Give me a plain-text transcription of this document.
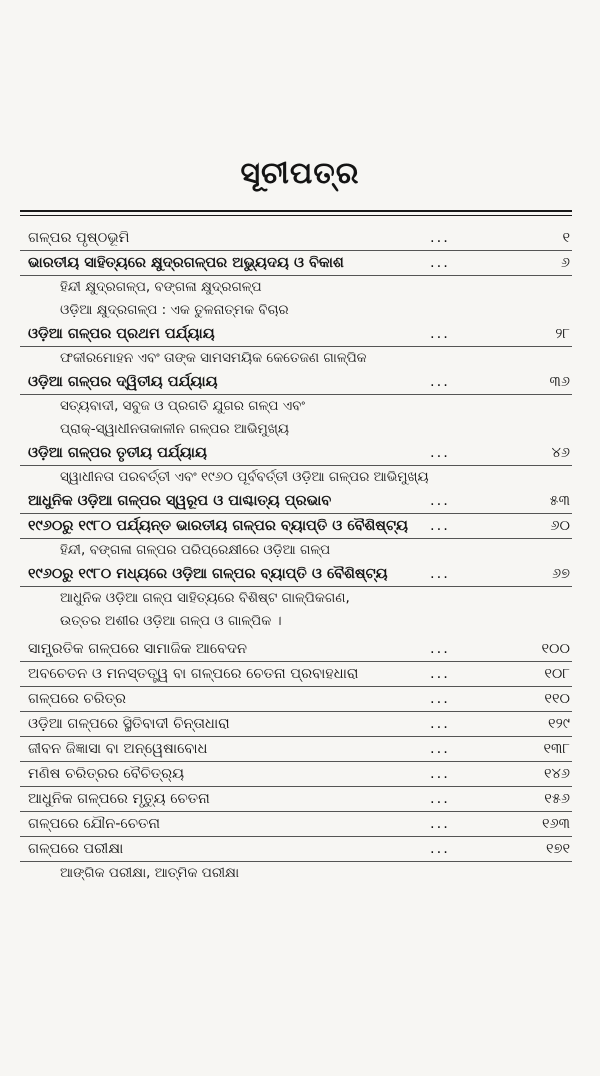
ସୂଚୀପତ୍ର
ଗଳ୍ପର ପୃଷ୍ଠଭୂମି	...	୧
ଭାରତୀୟ ସାହିତ୍ୟରେ କ୍ଷୁଦ୍ରଗଳ୍ପର ଅଭ୍ୟୁଦୟ ଓ ବିକାଶ	...	୬
ହିନ୍ଦୀ କ୍ଷୁଦ୍ରଗଳ୍ପ, ବଙ୍ଗଳା କ୍ଷୁଦ୍ରଗଳ୍ପ
ଓଡ଼ିଆ କ୍ଷୁଦ୍ରଗଳ୍ପ : ଏକ ତୁଳନାତ୍ମକ ବିଚାର
ଓଡ଼ିଆ ଗଳ୍ପର ପ୍ରଥମ ପର୍ଯ୍ୟାୟ	...	୨୮
ଫକୀରମୋହନ ଏବଂ ତାଙ୍କ ସାମସମୟିକ କେତେଜଣ ଗାଳ୍ପିକ
ଓଡ଼ିଆ ଗଳ୍ପର ଦ୍ୱିତୀୟ ପର୍ଯ୍ୟାୟ	...	୩୬
ସତ୍ୟବାଦୀ, ସବୁଜ ଓ ପ୍ରଗତି ଯୁଗର ଗଳ୍ପ ଏବଂ
ପ୍ରାକ୍-ସ୍ୱାଧୀନତାକାଳୀନ ଗଳ୍ପର ଆଭିମୁଖ୍ୟ
ଓଡ଼ିଆ ଗଳ୍ପର ତୃତୀୟ ପର୍ଯ୍ୟାୟ	...	୪୬
ସ୍ୱାଧୀନତା ପରବର୍ତ୍ତୀ ଏବଂ ୧୯୬୦ ପୂର୍ବବର୍ତ୍ତୀ ଓଡ଼ିଆ ଗଳ୍ପର ଆଭିମୁଖ୍ୟ
ଆଧୁନିକ ଓଡ଼ିଆ ଗଳ୍ପର ସ୍ୱରୂପ ଓ ପାଶ୍ଚାତ୍ୟ ପ୍ରଭାବ	...	୫୩
୧୯୬୦ରୁ ୧୯୮୦ ପର୍ଯ୍ୟନ୍ତ ଭାରତୀୟ ଗଳ୍ପର ବ୍ୟାପ୍ତି ଓ ବୈଶିଷ୍ଟ୍ୟ ...	୬୦
ହିନ୍ଦୀ, ବଙ୍ଗଳା ଗଳ୍ପର ପରିପ୍ରେକ୍ଷୀରେ ଓଡ଼ିଆ ଗଳ୍ପ
୧୯୬୦ରୁ ୧୯୮୦ ମଧ୍ୟରେ ଓଡ଼ିଆ ଗଳ୍ପର ବ୍ୟାପ୍ତି ଓ ବୈଶିଷ୍ଟ୍ୟ	...	୬୭
ଆଧୁନିକ ଓଡ଼ିଆ ଗଳ୍ପ ସାହିତ୍ୟରେ ବିଶିଷ୍ଟ ଗାଳ୍ପିକଗଣ,
ଉତ୍ତର ଅଶୀର ଓଡ଼ିଆ ଗଳ୍ପ ଓ ଗାଳ୍ପିକ ।
ସାମ୍ପ୍ରତିକ ଗଳ୍ପରେ ସାମାଜିକ ଆବେଦନ	...	୧୦୦
ଅବଚେତନ ଓ ମନସ୍ତତ୍ତ୍ୱ ବା ଗଳ୍ପରେ ଚେତନା ପ୍ରବାହଧାରା	...	୧୦୮
ଗଳ୍ପରେ ଚରିତ୍ର	...	୧୧୦
ଓଡ଼ିଆ ଗଳ୍ପରେ ସ୍ଥିତିବାଦୀ ଚିନ୍ତାଧାରା	...	୧୨୯
ଜୀବନ ଜିଜ୍ଞାସା ବା ଅନ୍ୱେଷାବୋଧ	...	୧୩୮
ମଣିଷ ଚରିତ୍ରର ବୈଚିତ୍ର୍ୟ	...	୧୪୬
ଆଧୁନିକ ଗଳ୍ପରେ ମୃତ୍ୟୁ ଚେତନା	...	୧୫୬
ଗଳ୍ପରେ ଯୌନ-ଚେତନା	...	୧୬୩
ଗଳ୍ପରେ ପରୀକ୍ଷା	...	୧୭୧
ଆଙ୍ଗିକ ପରୀକ୍ଷା, ଆତ୍ମିକ ପରୀକ୍ଷା
